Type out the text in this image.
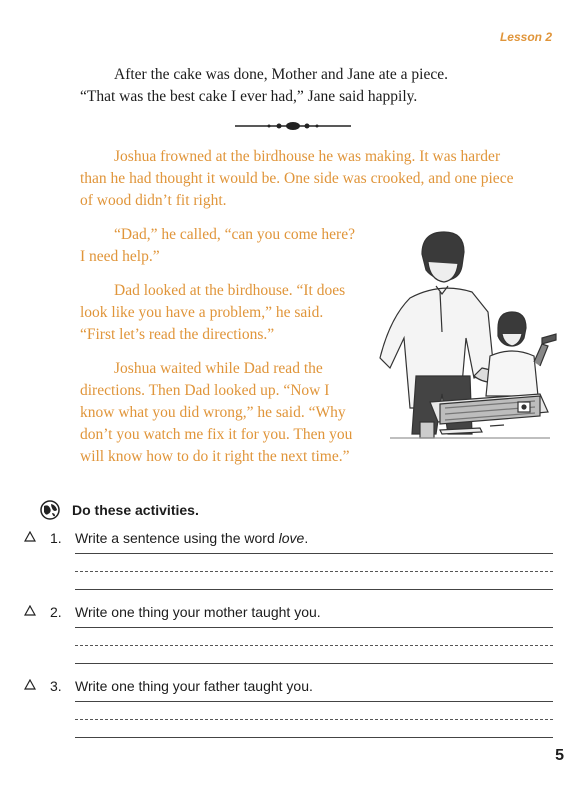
Lesson 2

After the cake was done, Mother and Jane ate a piece.

“That was the best cake I ever had,” Jane said happily.

Joshua frowned at the birdhouse he was making. It was harder than he had thought it would be. One side was crooked, and one piece of wood didn’t fit right.

“Dad,” he called, “can you come here? I need help.”

Dad looked at the birdhouse. “It does look like you have a problem,” he said. “First let’s read the directions.”

Joshua waited while Dad read the directions. Then Dad looked up. “Now I know what you did wrong,” he said. “Why don’t you watch me fix it for you. Then you will know how to do it right the next time.”

Do these activities.
1. Write a sentence using the word love.
2. Write one thing your mother taught you.
3. Write one thing your father taught you.
5
